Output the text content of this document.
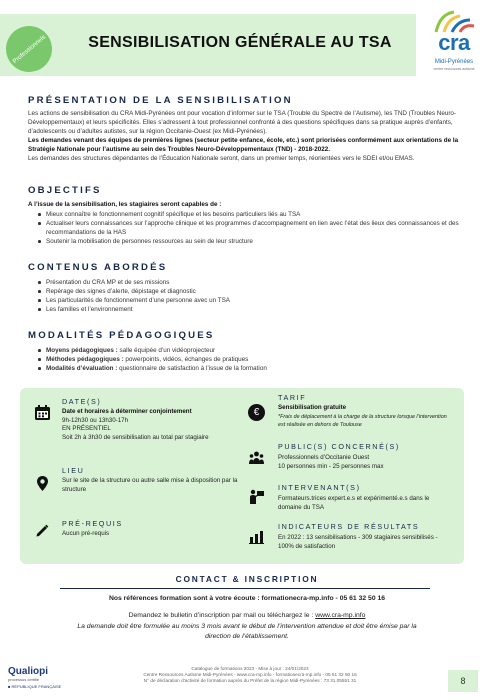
Professionnels	SENSIBILISATION GÉNÉRALE AU TSA	cra
Midi-Pyrénées
centre ressources autisme
PRÉSENTATION DE LA SENSIBILISATION
Les actions de sensibilisation du CRA Midi-Pyrénées ont pour vocation d’informer sur le TSA (Trouble du Spectre de l’Autisme), les TND (Troubles Neuro-Développementaux) et leurs spécificités. Elles s’adressent à tout professionnel confronté à des questions spécifiques dans sa pratique auprès d’enfants, d’adolescents ou d’adultes autistes, sur la région Occitanie-Ouest (ex Midi-Pyrénées).
Les demandes venant des équipes de premières lignes (secteur petite enfance, école, etc.) sont priorisées conformément aux orientations de la Stratégie Nationale pour l’autisme au sein des Troubles Neuro-Développementaux (TND) - 2018-2022.
Les demandes des structures dépendantes de l’Éducation Nationale seront, dans un premier temps, réorientées vers le SDEI et/ou EMAS.
OBJECTIFS
A l’issue de la sensibilisation, les stagiaires seront capables de :
Mieux connaître le fonctionnement cognitif spécifique et les besoins particuliers liés au TSA
Actualiser leurs connaissances sur l’approche clinique et les programmes d’accompagnement en lien avec l’état des lieux des connaissances et des recommandations de la HAS
Soutenir la mobilisation de personnes ressources au sein de leur structure
CONTENUS ABORDÉS
Présentation du CRA MP et de ses missions
Repérage des signes d’alerte, dépistage et diagnostic
Les particularités de fonctionnement d’une personne avec un TSA
Les familles et l’environnement
MODALITÉS PÉDAGOGIQUES
Moyens pédagogiques : salle équipée d’un vidéoprojecteur
Méthodes pédagogiques : powerpoints, vidéos, échanges de pratiques
Modalités d’évaluation : questionnaire de satisfaction à l’issue de la formation
DATE(S)
Date et horaires à déterminer conjointement
9h-12h30 ou 13h30-17h
EN PRÉSENTIEL
Soit 2h à 3h30 de sensibilisation au total par stagiaire
LIEU
Sur le site de la structure ou autre salle mise à disposition par la structure
PRÉ-REQUIS
Aucun pré-requis
€
TARIF
Sensibilisation gratuite
*Frais de déplacement à la charge de la structure lorsque l’intervention est réalisée en dehors de Toulouse
PUBLIC(S) CONCERNÉ(S)
Professionnels d’Occitanie Ouest
10 personnes min - 25 personnes max
INTERVENANT(S)
Formateurs.trices expert.e.s et expérimenté.e.s dans le domaine du TSA
INDICATEURS DE RÉSULTATS
En 2022 : 13 sensibilisations - 309 stagiaires sensibilisés - 100% de satisfaction
CONTACT & INSCRIPTION
Nos références formation sont à votre écoute : formationecra-mp.info - 05 61 32 50 16
Demandez le bulletin d’inscription par mail ou téléchargez le : www.cra-mp.info
La demande doit être formulée au moins 3 mois avant le début de l’intervention attendue et doit être émise par la
direction de l’établissement.
Qualiopi
processus certifié
■ RÉPUBLIQUE FRANÇAISE
Catalogue de formations 2023 - Mise à jour : 24/01/2023
Centre Ressources Autisme Midi-Pyrénées - www.cra-mp.info - formationecra-mp.info - 05 61 32 50 16
N° de déclaration d’activité de formation auprès du Préfet de la région Midi-Pyrénées : 73 31 05551 31	8
